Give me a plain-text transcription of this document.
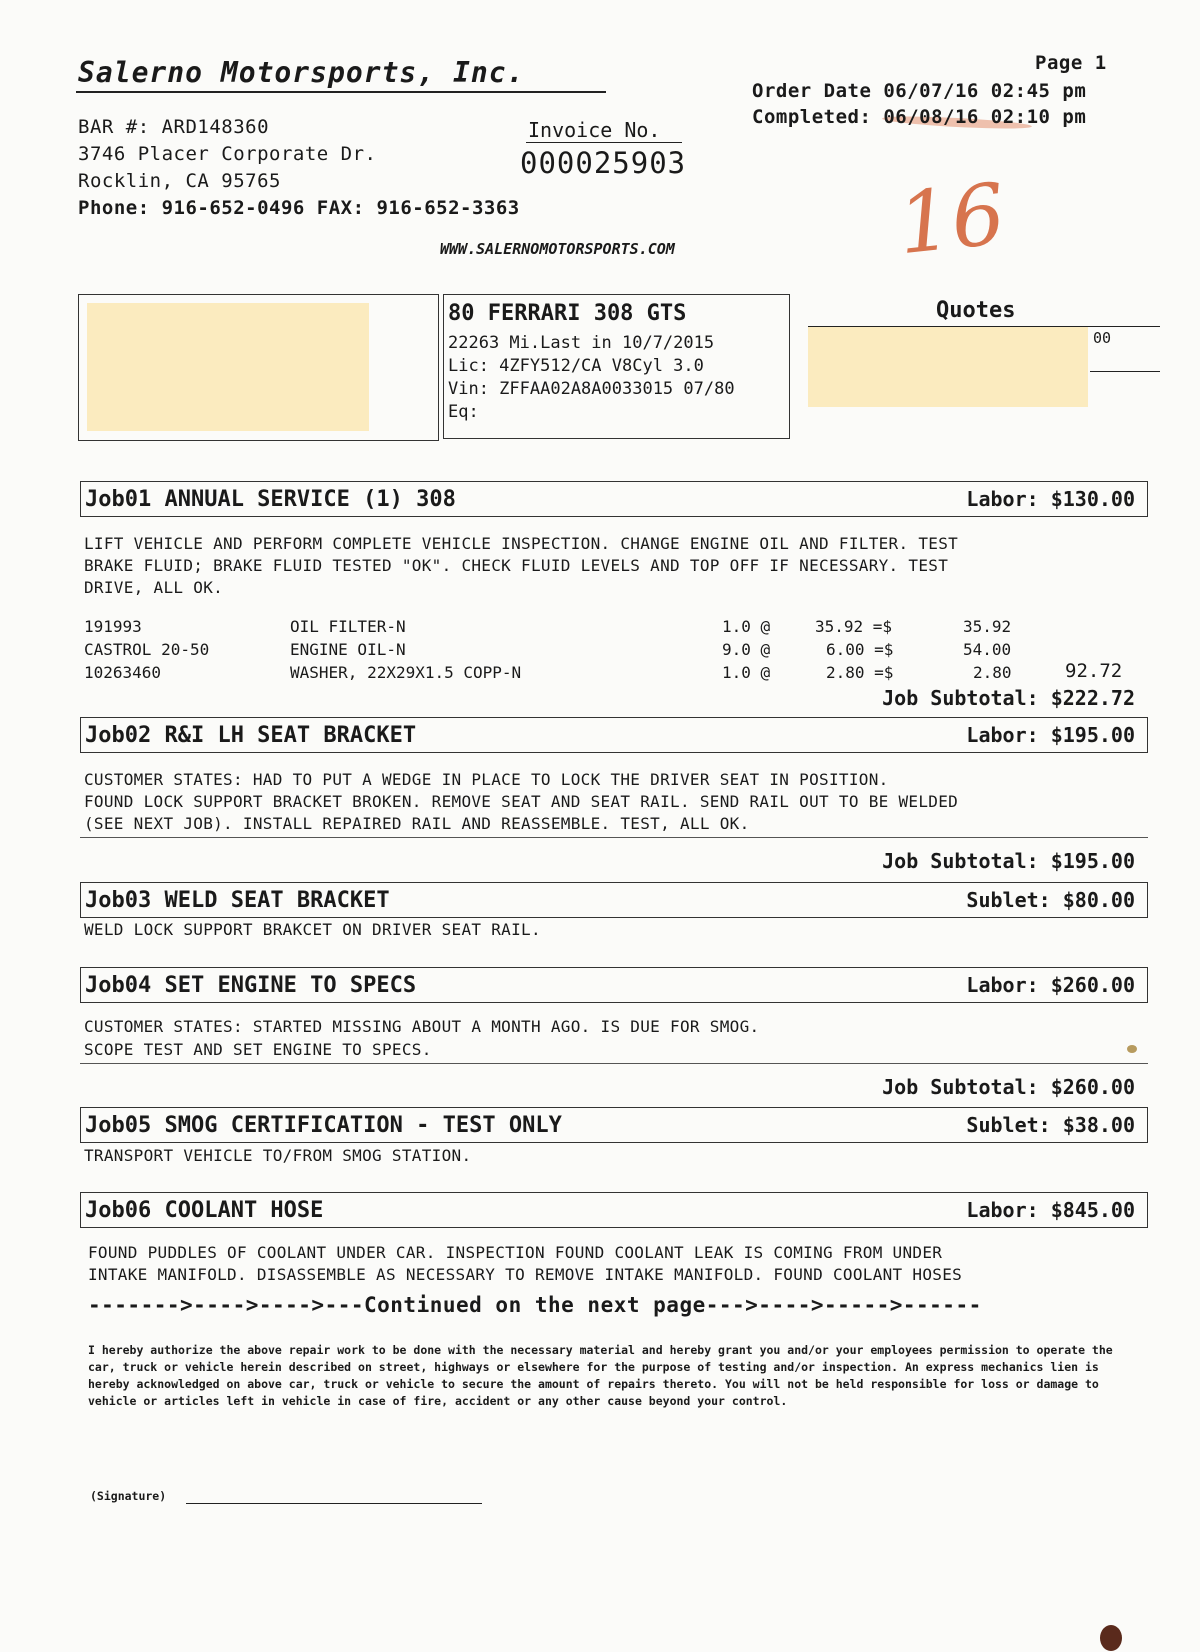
Salerno Motorsports, Inc.
BAR #: ARD148360
3746 Placer Corporate Dr.
Rocklin, CA 95765
Phone: 916-652-0496 FAX: 916-652-3363
Invoice No.
000025903
WWW.SALERNOMOTORSPORTS.COM
Page 1
Order Date 06/07/16 02:45 pm
Completed: 06/08/16 02:10 pm
16
80 FERRARI 308 GTS
22263 Mi.Last in 10/7/2015
Lic: 4ZFY512/CA V8Cyl 3.0
Vin: ZFFAA02A8A0033015 07/80
Eq:
Quotes
00
Job01 ANNUAL SERVICE (1) 308	Labor: $130.00
LIFT VEHICLE AND PERFORM COMPLETE VEHICLE INSPECTION. CHANGE ENGINE OIL AND FILTER. TEST
BRAKE FLUID; BRAKE FLUID TESTED "OK". CHECK FLUID LEVELS AND TOP OFF IF NECESSARY. TEST
DRIVE, ALL OK.
191993	OIL FILTER-N	1.0 @	35.92 =$	35.92
CASTROL 20-50	ENGINE OIL-N	9.0 @	6.00 =$	54.00
10263460	WASHER, 22X29X1.5 COPP-N	1.0 @	2.80 =$	2.80	92.72
Job Subtotal: $222.72
Job02 R&I LH SEAT BRACKET	Labor: $195.00
CUSTOMER STATES: HAD TO PUT A WEDGE IN PLACE TO LOCK THE DRIVER SEAT IN POSITION.
FOUND LOCK SUPPORT BRACKET BROKEN. REMOVE SEAT AND SEAT RAIL. SEND RAIL OUT TO BE WELDED
(SEE NEXT JOB). INSTALL REPAIRED RAIL AND REASSEMBLE. TEST, ALL OK.
Job Subtotal: $195.00
Job03 WELD SEAT BRACKET	Sublet: $80.00
WELD LOCK SUPPORT BRAKCET ON DRIVER SEAT RAIL.
Job04 SET ENGINE TO SPECS	Labor: $260.00
CUSTOMER STATES: STARTED MISSING ABOUT A MONTH AGO. IS DUE FOR SMOG.
SCOPE TEST AND SET ENGINE TO SPECS.
Job Subtotal: $260.00
Job05 SMOG CERTIFICATION - TEST ONLY	Sublet: $38.00
TRANSPORT VEHICLE TO/FROM SMOG STATION.
Job06 COOLANT HOSE	Labor: $845.00
FOUND PUDDLES OF COOLANT UNDER CAR. INSPECTION FOUND COOLANT LEAK IS COMING FROM UNDER
INTAKE MANIFOLD. DISASSEMBLE AS NECESSARY TO REMOVE INTAKE MANIFOLD. FOUND COOLANT HOSES
------->---->---->---Continued on the next page--->---->----->------
I hereby authorize the above repair work to be done with the necessary material and hereby grant you and/or your employees permission to operate the car, truck or vehicle herein described on street, highways or elsewhere for the purpose of testing and/or inspection. An express mechanics lien is hereby acknowledged on above car, truck or vehicle to secure the amount of repairs thereto. You will not be held responsible for loss or damage to vehicle or articles left in vehicle in case of fire, accident or any other cause beyond your control.
(Signature)
